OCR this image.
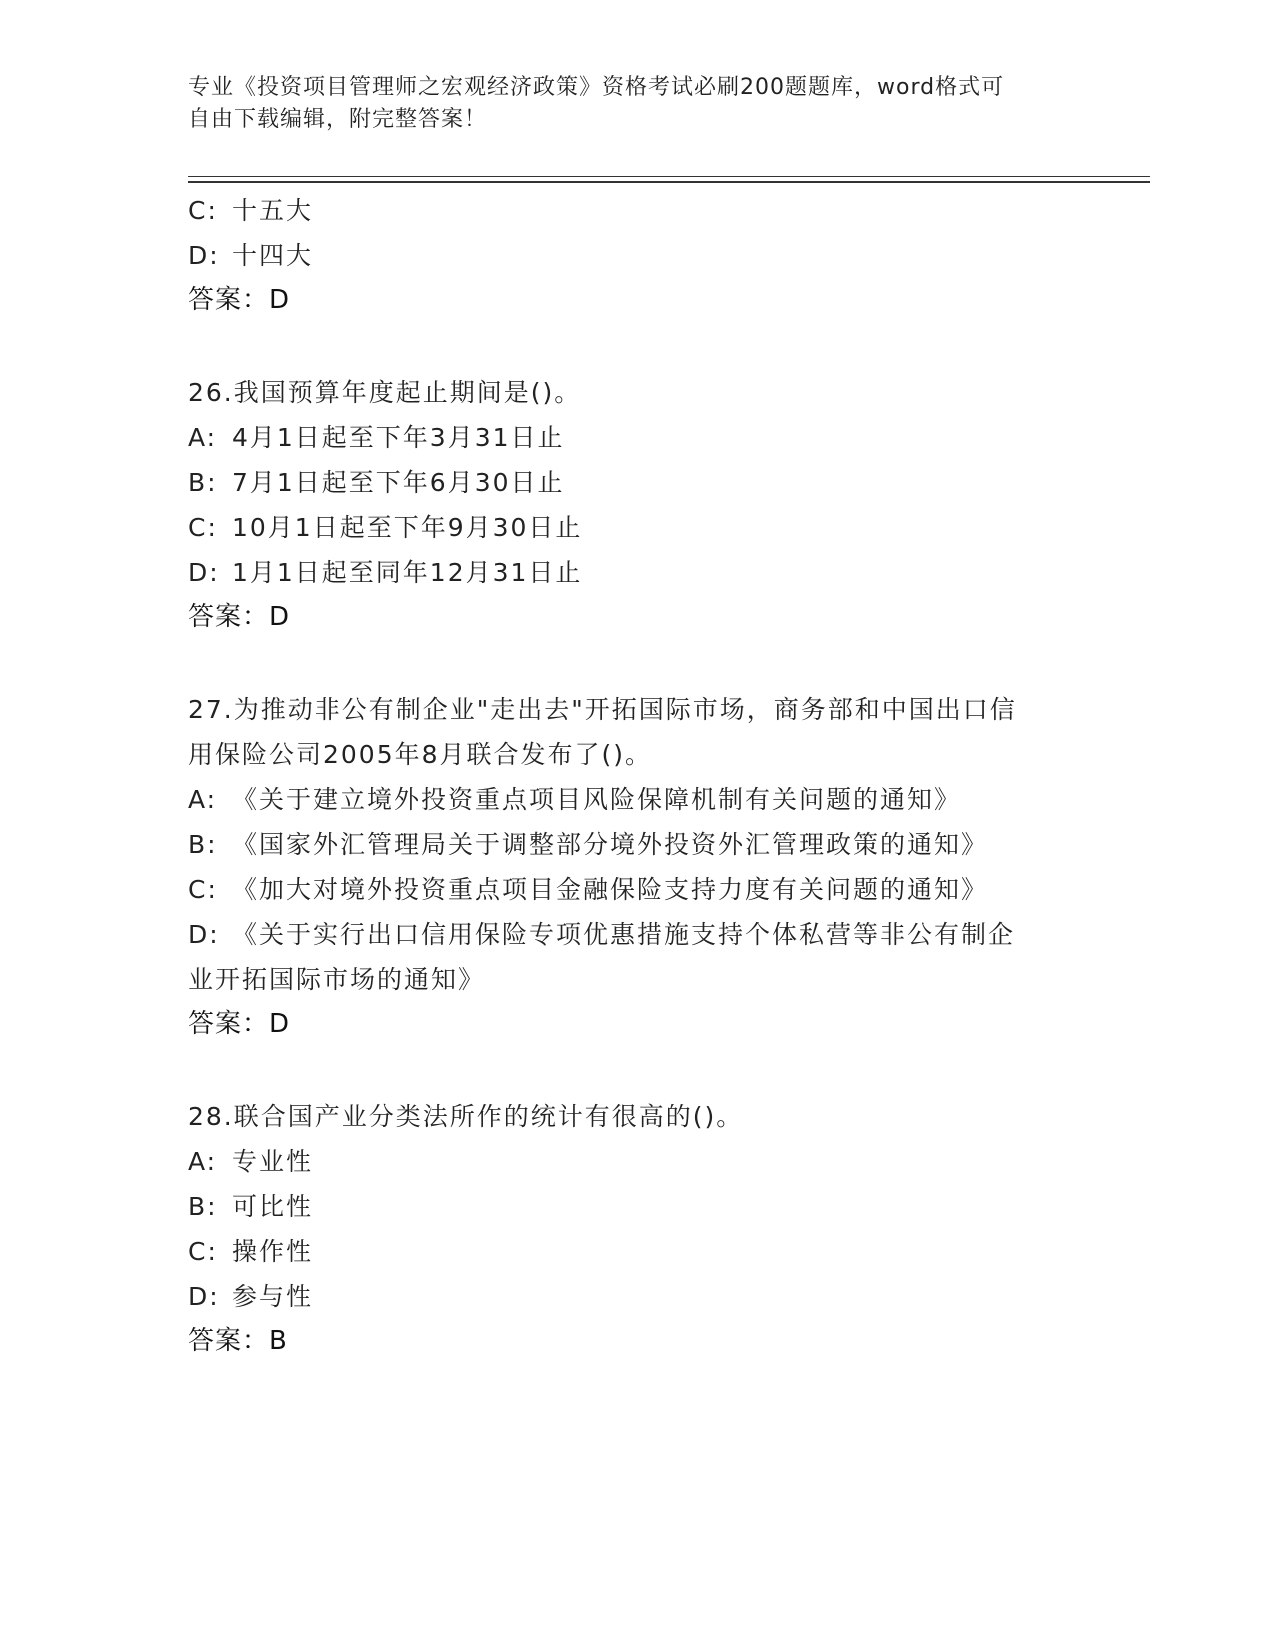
专业《投资项目管理师之宏观经济政策》资格考试必刷200题题库，word格式可
自由下载编辑，附完整答案！
C: 十五大
D: 十四大
答案：D
26.我国预算年度起止期间是()。
A: 4月1日起至下年3月31日止
B: 7月1日起至下年6月30日止
C: 10月1日起至下年9月30日止
D: 1月1日起至同年12月31日止
答案：D
27.为推动非公有制企业"走出去"开拓国际市场，商务部和中国出口信
用保险公司2005年8月联合发布了()。
A: 《关于建立境外投资重点项目风险保障机制有关问题的通知》
B: 《国家外汇管理局关于调整部分境外投资外汇管理政策的通知》
C: 《加大对境外投资重点项目金融保险支持力度有关问题的通知》
D: 《关于实行出口信用保险专项优惠措施支持个体私营等非公有制企
业开拓国际市场的通知》
答案：D
28.联合国产业分类法所作的统计有很高的()。
A: 专业性
B: 可比性
C: 操作性
D: 参与性
答案：B
